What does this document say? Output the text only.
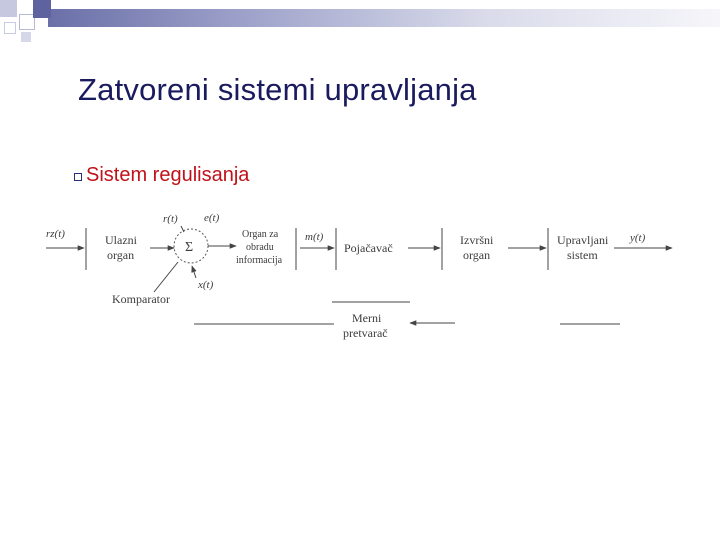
Zatvoreni sistemi upravljanja
Sistem regulisanja
Σ
Ulazni
organ
Organ za
obradu
informacija
Pojačavač
Izvršni
organ
Upravljani
sistem
Merni
pretvarač
Komparator
rz(t)
r(t) e(t)
m(t)	y(t)
x(t)
